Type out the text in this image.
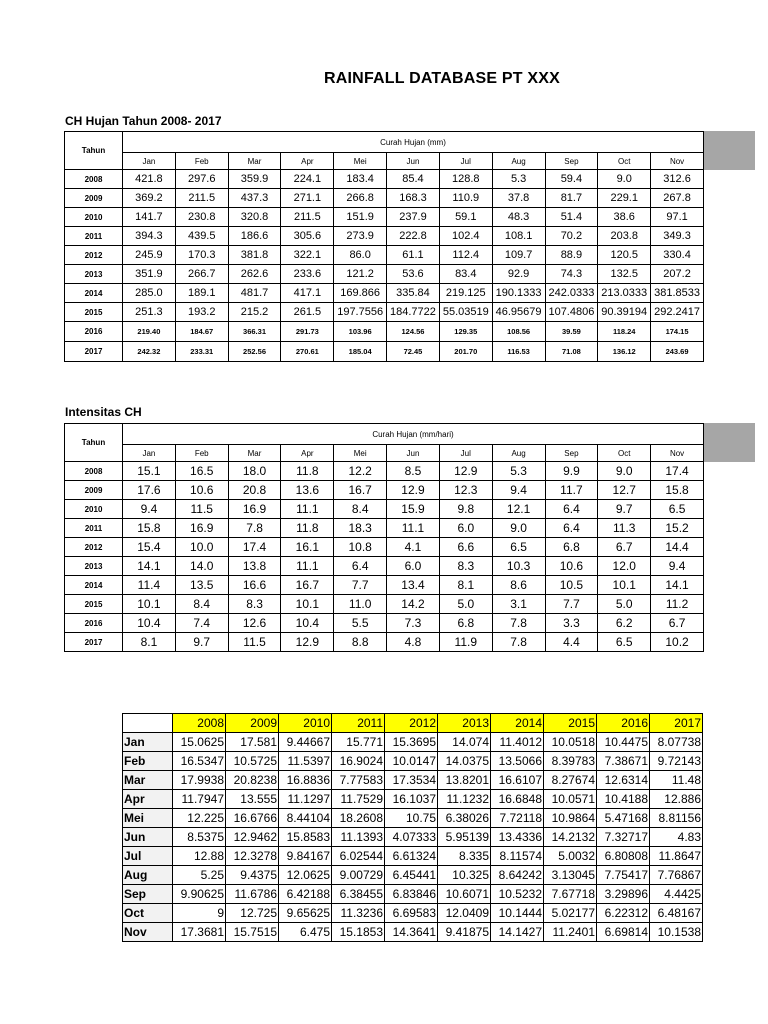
RAINFALL DATABASE PT XXX
CH Hujan Tahun 2008- 2017
Tahun	Curah Hujan (mm)										
	Jan	Feb	Mar	Apr	Mei	Jun	Jul	Aug	Sep	Oct	Nov
2008	421.8	297.6	359.9	224.1	183.4	85.4	128.8	5.3	59.4	9.0	312.6
2009	369.2	211.5	437.3	271.1	266.8	168.3	110.9	37.8	81.7	229.1	267.8
2010	141.7	230.8	320.8	211.5	151.9	237.9	59.1	48.3	51.4	38.6	97.1
2011	394.3	439.5	186.6	305.6	273.9	222.8	102.4	108.1	70.2	203.8	349.3
2012	245.9	170.3	381.8	322.1	86.0	61.1	112.4	109.7	88.9	120.5	330.4
2013	351.9	266.7	262.6	233.6	121.2	53.6	83.4	92.9	74.3	132.5	207.2
2014	285.0	189.1	481.7	417.1	169.866	335.84	219.125	190.1333	242.0333	213.0333	381.8533
2015	251.3	193.2	215.2	261.5	197.7556	184.7722	55.03519	46.95679	107.4806	90.39194	292.2417
2016	219.40	184.67	366.31	291.73	103.96	124.56	129.35	108.56	39.59	118.24	174.15
2017	242.32	233.31	252.56	270.61	185.04	72.45	201.70	116.53	71.08	136.12	243.69
Intensitas CH
Tahun	Curah Hujan (mm/hari)										
	Jan	Feb	Mar	Apr	Mei	Jun	Jul	Aug	Sep	Oct	Nov
2008	15.1	16.5	18.0	11.8	12.2	8.5	12.9	5.3	9.9	9.0	17.4
2009	17.6	10.6	20.8	13.6	16.7	12.9	12.3	9.4	11.7	12.7	15.8
2010	9.4	11.5	16.9	11.1	8.4	15.9	9.8	12.1	6.4	9.7	6.5
2011	15.8	16.9	7.8	11.8	18.3	11.1	6.0	9.0	6.4	11.3	15.2
2012	15.4	10.0	17.4	16.1	10.8	4.1	6.6	6.5	6.8	6.7	14.4
2013	14.1	14.0	13.8	11.1	6.4	6.0	8.3	10.3	10.6	12.0	9.4
2014	11.4	13.5	16.6	16.7	7.7	13.4	8.1	8.6	10.5	10.1	14.1
2015	10.1	8.4	8.3	10.1	11.0	14.2	5.0	3.1	7.7	5.0	11.2
2016	10.4	7.4	12.6	10.4	5.5	7.3	6.8	7.8	3.3	6.2	6.7
2017	8.1	9.7	11.5	12.9	8.8	4.8	11.9	7.8	4.4	6.5	10.2
	2008	2009	2010	2011	2012	2013	2014	2015	2016	2017
Jan	15.0625	17.581	9.44667	15.771	15.3695	14.074	11.4012	10.0518	10.4475	8.07738
Feb	16.5347	10.5725	11.5397	16.9024	10.0147	14.0375	13.5066	8.39783	7.38671	9.72143
Mar	17.9938	20.8238	16.8836	7.77583	17.3534	13.8201	16.6107	8.27674	12.6314	11.48
Apr	11.7947	13.555	11.1297	11.7529	16.1037	11.1232	16.6848	10.0571	10.4188	12.886
Mei	12.225	16.6766	8.44104	18.2608	10.75	6.38026	7.72118	10.9864	5.47168	8.81156
Jun	8.5375	12.9462	15.8583	11.1393	4.07333	5.95139	13.4336	14.2132	7.32717	4.83
Jul	12.88	12.3278	9.84167	6.02544	6.61324	8.335	8.11574	5.0032	6.80808	11.8647
Aug	5.25	9.4375	12.0625	9.00729	6.45441	10.325	8.64242	3.13045	7.75417	7.76867
Sep	9.90625	11.6786	6.42188	6.38455	6.83846	10.6071	10.5232	7.67718	3.29896	4.4425
Oct	9	12.725	9.65625	11.3236	6.69583	12.0409	10.1444	5.02177	6.22312	6.48167
Nov	17.3681	15.7515	6.475	15.1853	14.3641	9.41875	14.1427	11.2401	6.69814	10.1538
